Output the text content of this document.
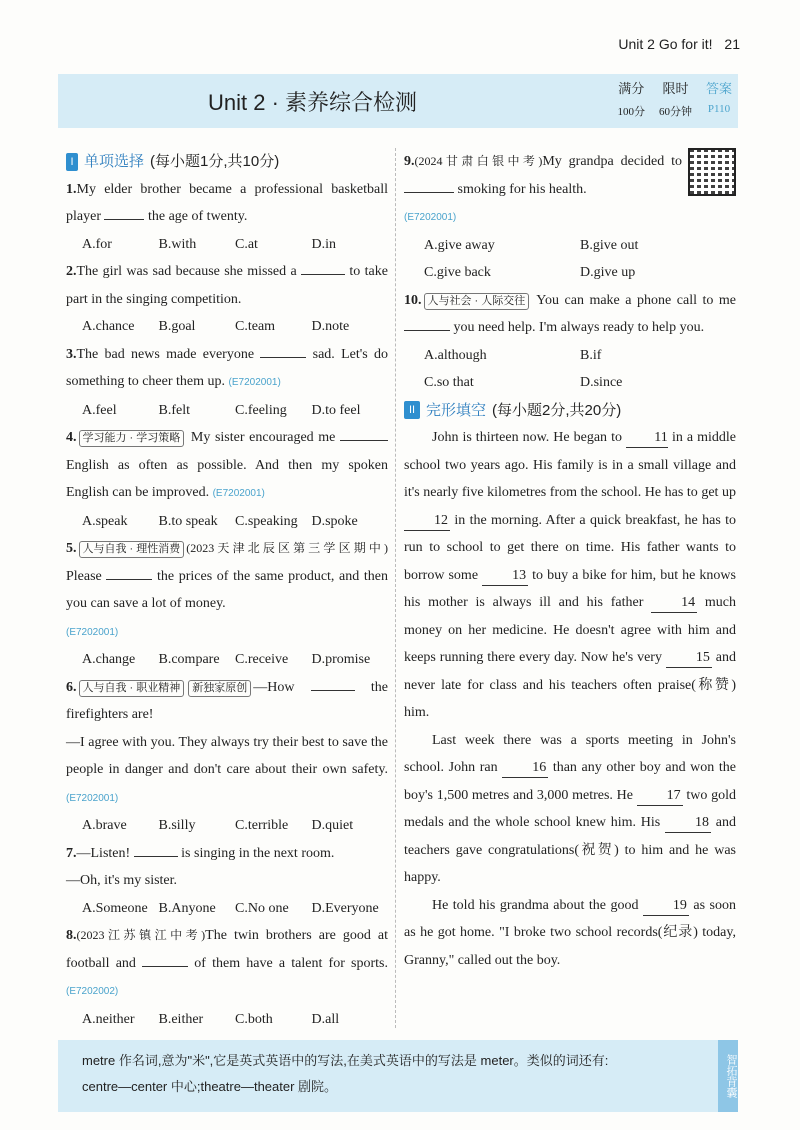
Unit 2 Go for it! 21
Unit 2 · 素养综合检测
满分 限时 答案
100分 60分钟 P110
I 单项选择 (每小题1分,共10分)
1.My elder brother became a professional basketball player	the age of twenty.
A.for	B.with	C.at	D.in
2.The girl was sad because she missed a	to take part in the singing competition.
A.chance	B.goal	C.team	D.note
3.The bad news made everyone	sad. Let's do something to cheer them up. (E7202001)
A.feel	B.felt	C.feeling	D.to feel
4. 学习能力 · 学习策略 My sister encouraged me  English as often as possible. And then my spoken English can be improved. (E7202001)
A.speak	B.to speak	C.speaking D.spoke
5. 人与自我 · 理性消费 (2023天津北辰区第三学区期中) Please	the prices of the same product, and then you can save a lot of money.
(E7202001)
A.change	B.compare	C.receive	D.promise
6. 人与自我 · 职业精神 新独家原创 —How	the firefighters are!
—I agree with you. They always try their best to save the people in danger and don't care about their own safety. (E7202001)
A.brave	B.silly	C.terrible	D.quiet
7.—Listen!	is singing in the next room.
—Oh, it's my sister.
A.Someone B.Anyone	C.No one	D.Everyone
8.(2023江苏镇江中考)The twin brothers are good at football and	of them have a talent for sports. (E7202002)
A.neither	B.either	C.both	D.all
9.(2024甘肃白银中考)My grandpa decided to  smoking for his health.
(E7202001)
A.give away	B.give out
C.give back	D.give up
10. 人与社会 · 人际交往 You can make a phone call to me  you need help. I'm always ready to help you.
A.although	B.if
C.so that	D.since
II 完形填空 (每小题2分,共20分)

John is thirteen now. He began to 11 in a middle school two years ago. His family is in a small village and it's nearly five kilometres from the school. He has to get up 12 in the morning. After a quick breakfast, he has to run to school to get there on time. His father wants to borrow some 13 to buy a bike for him, but he knows his mother is always ill and his father 14 much money on her medicine. He doesn't agree with him and keeps running there every day. Now he's very 15 and never late for class and his teachers often praise(称赞) him.

Last week there was a sports meeting in John's school. John ran 16 than any other boy and won the boy's 1,500 metres and 3,000 metres. He 17 two gold medals and the whole school knew him. His 18 and teachers gave congratulations(祝贺) to him and he was happy.

He told his grandma about the good 19 as soon as he got home. "I broke two school records(纪录) today, Granny," called out the boy.

metre 作名词,意为"米",它是英式英语中的写法,在美式英语中的写法是 meter。类似的词还有:
centre—center 中心;theatre—theater 剧院。	智拓背囊
